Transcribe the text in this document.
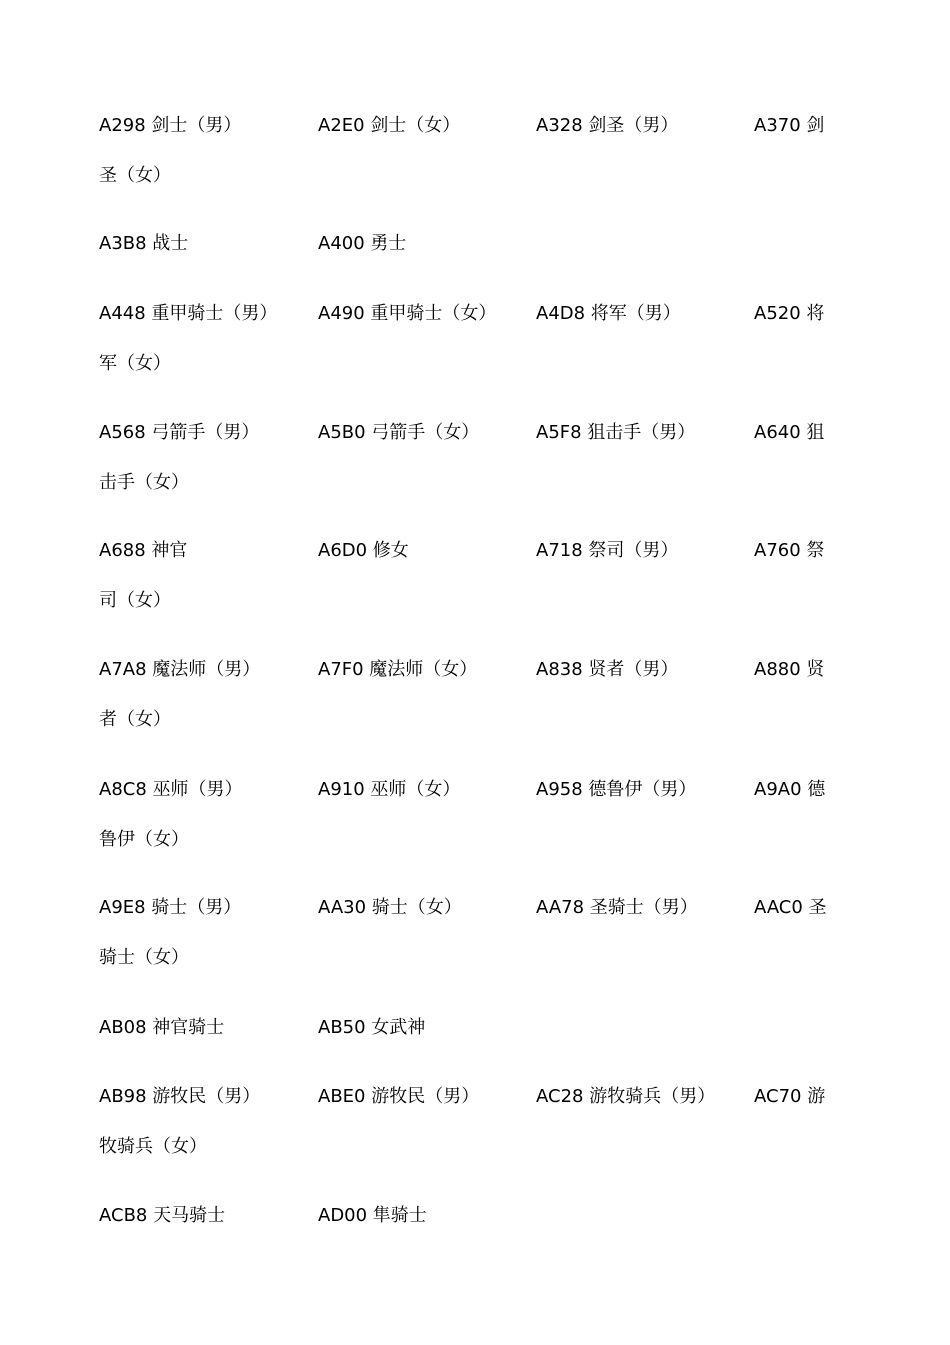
A298 剑士（男）	A2E0 剑士（女）	A328 剑圣（男）	A370 剑
圣（女）
A3B8 战士	A400 勇士
A448 重甲骑士（男） A490 重甲骑士（女） A4D8 将军（男）	A520 将
军（女）
A568 弓箭手（男）	A5B0 弓箭手（女）	A5F8 狙击手（男）	A640 狙
击手（女）
A688 神官	A6D0 修女	A718 祭司（男）	A760 祭
司（女）
A7A8 魔法师（男）	A7F0 魔法师（女）	A838 贤者（男）	A880 贤
者（女）
A8C8 巫师（男）	A910 巫师（女）	A958 德鲁伊（男）	A9A0 德
鲁伊（女）
A9E8 骑士（男）	AA30 骑士（女）	AA78 圣骑士（男）	AAC0 圣
骑士（女）
AB08 神官骑士	AB50 女武神
AB98 游牧民（男）	ABE0 游牧民（男）	AC28 游牧骑兵（男） AC70 游
牧骑兵（女）
ACB8 天马骑士	AD00 隼骑士
